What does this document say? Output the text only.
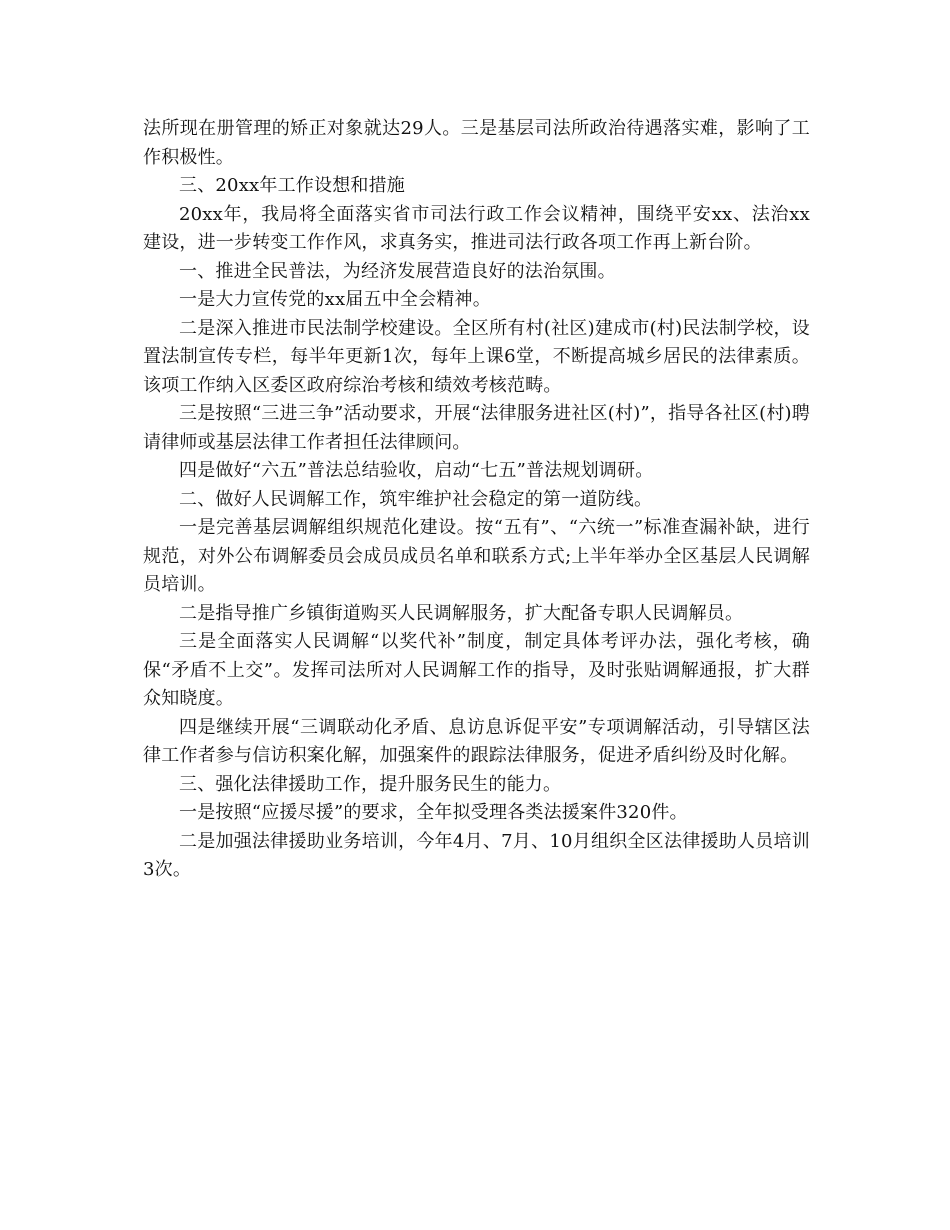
法所现在册管理的矫正对象就达29人。三是基层司法所政治待遇落实难，影响了工作积极性。

三、20xx年工作设想和措施

20xx年，我局将全面落实省市司法行政工作会议精神，围绕平安xx、法治xx建设，进一步转变工作作风，求真务实，推进司法行政各项工作再上新台阶。

一、推进全民普法，为经济发展营造良好的法治氛围。

一是大力宣传党的xx届五中全会精神。

二是深入推进市民法制学校建设。全区所有村(社区)建成市(村)民法制学校，设置法制宣传专栏，每半年更新1次，每年上课6堂，不断提高城乡居民的法律素质。该项工作纳入区委区政府综治考核和绩效考核范畴。

三是按照“三进三争”活动要求，开展“法律服务进社区(村)”，指导各社区(村)聘请律师或基层法律工作者担任法律顾问。

四是做好“六五”普法总结验收，启动“七五”普法规划调研。

二、做好人民调解工作，筑牢维护社会稳定的第一道防线。

一是完善基层调解组织规范化建设。按“五有”、“六统一”标准查漏补缺，进行规范，对外公布调解委员会成员成员名单和联系方式;上半年举办全区基层人民调解员培训。

二是指导推广乡镇街道购买人民调解服务，扩大配备专职人民调解员。

三是全面落实人民调解“以奖代补”制度，制定具体考评办法，强化考核，确保“矛盾不上交”。发挥司法所对人民调解工作的指导，及时张贴调解通报，扩大群众知晓度。

四是继续开展“三调联动化矛盾、息访息诉促平安”专项调解活动，引导辖区法律工作者参与信访积案化解，加强案件的跟踪法律服务，促进矛盾纠纷及时化解。

三、强化法律援助工作，提升服务民生的能力。

一是按照“应援尽援”的要求，全年拟受理各类法援案件320件。

二是加强法律援助业务培训，今年4月、7月、10月组织全区法律援助人员培训3次。
